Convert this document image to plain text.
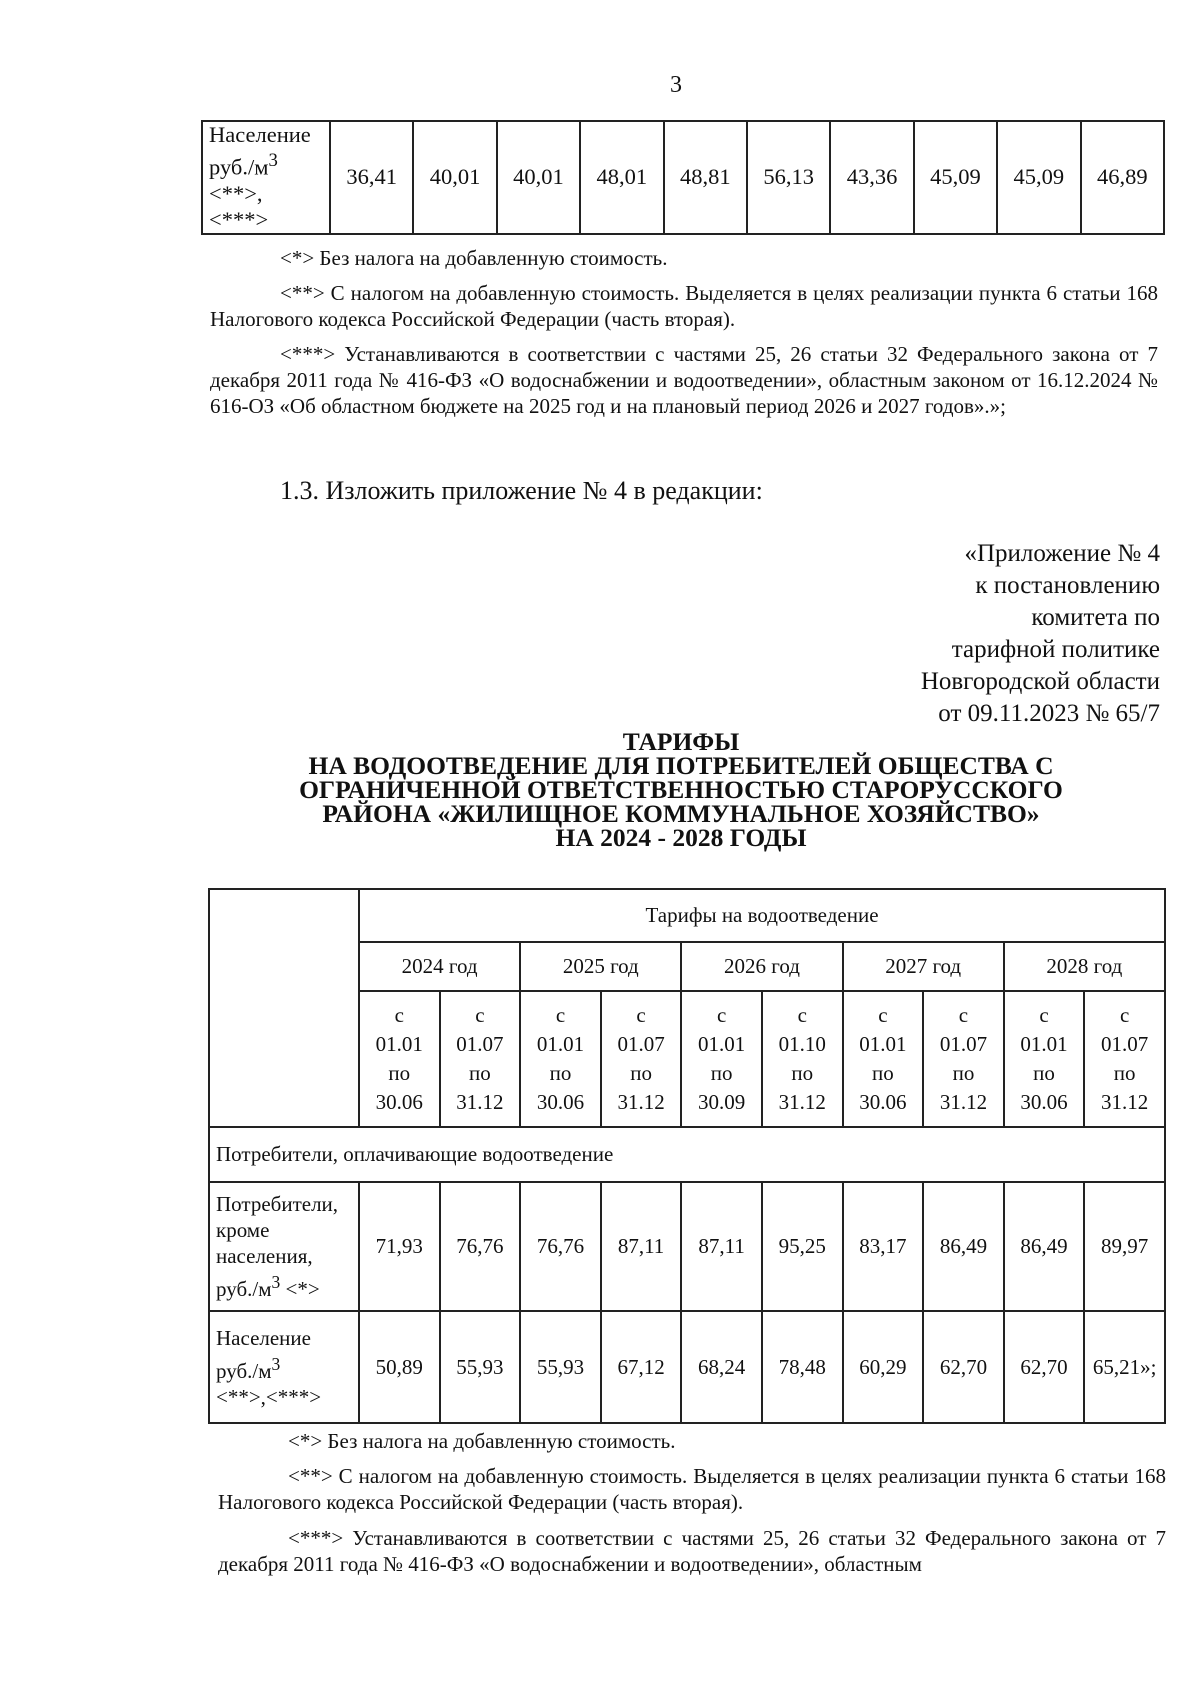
3
Население
$руб./м^3$ <**>,
<***>	36,41	40,01	40,01	48,01	48,81	56,13	43,36	45,09	45,09	46,89

<*> Без налога на добавленную стоимость.

<**> С налогом на добавленную стоимость. Выделяется в целях реализации пункта 6 статьи 168 Налогового кодекса Российской Федерации (часть вторая).

<***> Устанавливаются в соответствии с частями 25, 26 статьи 32 Федерального закона от 7 декабря 2011 года № 416-ФЗ «О водоснабжении и водоотведении», областным законом от 16.12.2024 № 616-ОЗ «Об областном бюджете на 2025 год и на плановый период 2026 и 2027 годов».»;

1.3. Изложить приложение № 4 в редакции:
«Приложение № 4
к постановлению
комитета по
тарифной политике
Новгородской области
от 09.11.2023 № 65/7
ТАРИФЫ
НА ВОДООТВЕДЕНИЕ ДЛЯ ПОТРЕБИТЕЛЕЙ ОБЩЕСТВА С
ОГРАНИЧЕННОЙ ОТВЕТСТВЕННОСТЬЮ СТАРОРУССКОГО
РАЙОНА «ЖИЛИЩНОЕ КОММУНАЛЬНОЕ ХОЗЯЙСТВО»
НА 2024 - 2028 ГОДЫ
	Тарифы на водоотведение									
	2024 год		2025 год		2026 год		2027 год		2028 год	

	с
01.01
по
30.06	с
01.07
по
31.12	с
01.01
по
30.06	с
01.07
по
31.12	с
01.01
по
30.09	с
01.10
по
31.12	с
01.01
по
30.06	с
01.07
по
31.12	с
01.01
по
30.06	с
01.07
по
31.12

Потребители, оплачивающие водоотведение										
Потребители,
кроме
населения,
$руб./м^3$ <*>	71,93	76,76	76,76	87,11	87,11	95,25	83,17	86,49	86,49	89,97
Население
$руб./м^3$
<**>,<***>	50,89	55,93	55,93	67,12	68,24	78,48	60,29	62,70	62,70	65,21»;

<*> Без налога на добавленную стоимость.

<**> С налогом на добавленную стоимость. Выделяется в целях реализации пункта 6 статьи 168 Налогового кодекса Российской Федерации (часть вторая).

<***> Устанавливаются в соответствии с частями 25, 26 статьи 32 Федерального закона от 7 декабря 2011 года № 416-ФЗ «О водоснабжении и водоотведении», областным
